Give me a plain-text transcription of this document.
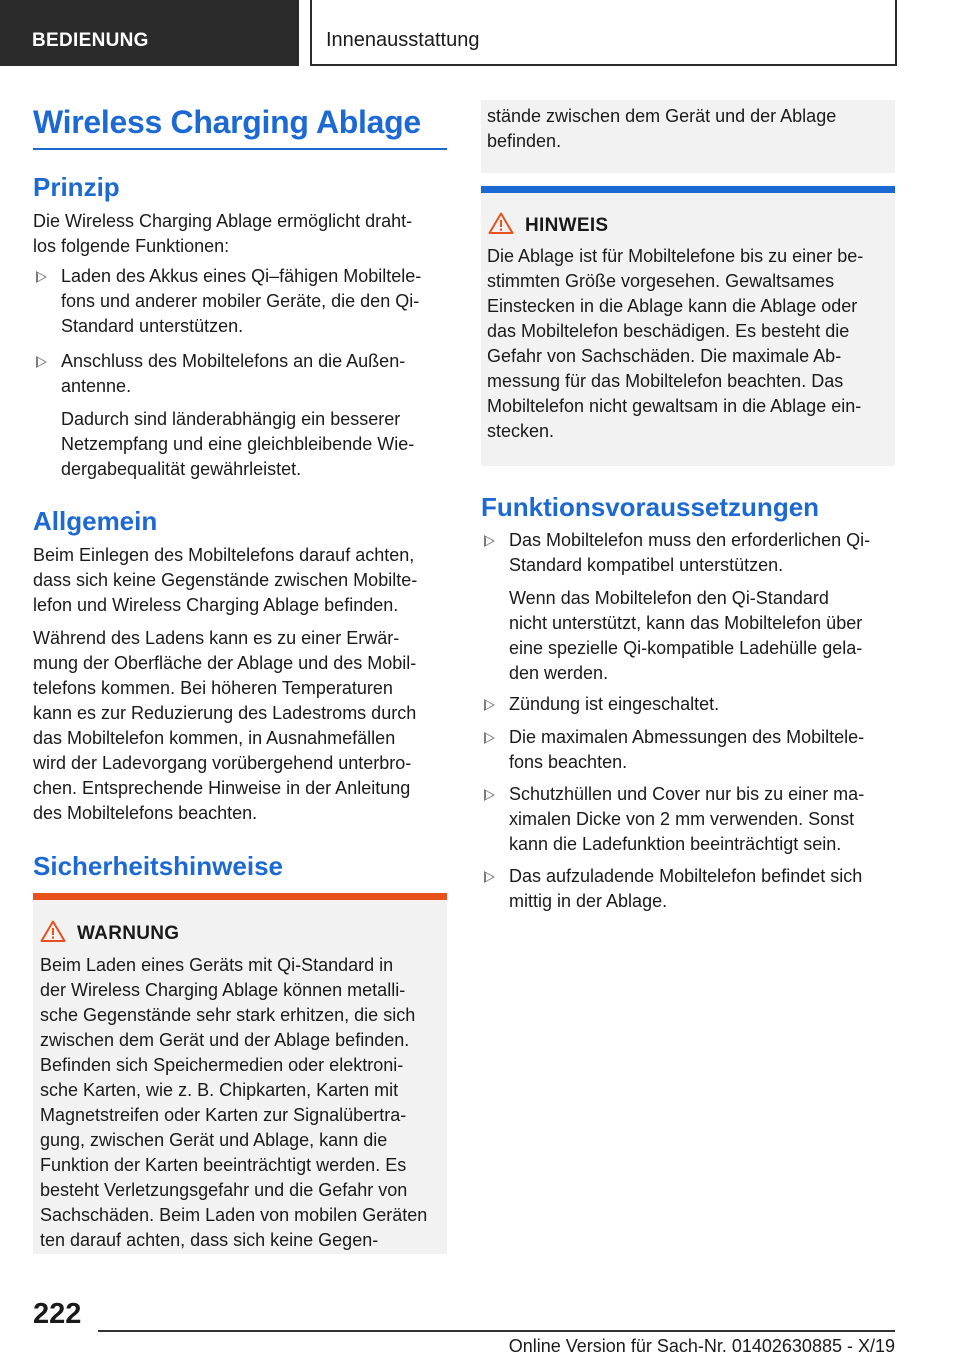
BEDIENUNG	Innenausstattung
Wireless Charging Ablage
Prinzip
Die Wireless Charging Ablage ermöglicht draht-
los folgende Funktionen:
Laden des Akkus eines Qi–fähigen Mobiltele-
fons und anderer mobiler Geräte, die den Qi-
Standard unterstützen.
Anschluss des Mobiltelefons an die Außen-
antenne.
Dadurch sind länderabhängig ein besserer
Netzempfang und eine gleichbleibende Wie-
dergabequalität gewährleistet.
Allgemein
Beim Einlegen des Mobiltelefons darauf achten,
dass sich keine Gegenstände zwischen Mobilte-
lefon und Wireless Charging Ablage befinden.
Während des Ladens kann es zu einer Erwär-
mung der Oberfläche der Ablage und des Mobil-
telefons kommen. Bei höheren Temperaturen
kann es zur Reduzierung des Ladestroms durch
das Mobiltelefon kommen, in Ausnahmefällen
wird der Ladevorgang vorübergehend unterbro-
chen. Entsprechende Hinweise in der Anleitung
des Mobiltelefons beachten.
Sicherheitshinweise
WARNUNG
Beim Laden eines Geräts mit Qi-Standard in
der Wireless Charging Ablage können metalli-
sche Gegenstände sehr stark erhitzen, die sich
zwischen dem Gerät und der Ablage befinden.
Befinden sich Speichermedien oder elektroni-
sche Karten, wie z. B. Chipkarten, Karten mit
Magnetstreifen oder Karten zur Signalübertra-
gung, zwischen Gerät und Ablage, kann die
Funktion der Karten beeinträchtigt werden. Es
besteht Verletzungsgefahr und die Gefahr von
Sachschäden. Beim Laden von mobilen Geräten
ten darauf achten, dass sich keine Gegen-
stände zwischen dem Gerät und der Ablage
befinden.
HINWEIS
Die Ablage ist für Mobiltelefone bis zu einer be-
stimmten Größe vorgesehen. Gewaltsames
Einstecken in die Ablage kann die Ablage oder
das Mobiltelefon beschädigen. Es besteht die
Gefahr von Sachschäden. Die maximale Ab-
messung für das Mobiltelefon beachten. Das
Mobiltelefon nicht gewaltsam in die Ablage ein-
stecken.
Funktionsvoraussetzungen
Das Mobiltelefon muss den erforderlichen Qi-
Standard kompatibel unterstützen.
Wenn das Mobiltelefon den Qi-Standard
nicht unterstützt, kann das Mobiltelefon über
eine spezielle Qi-kompatible Ladehülle gela-
den werden.
Zündung ist eingeschaltet.
Die maximalen Abmessungen des Mobiltele-
fons beachten.
Schutzhüllen und Cover nur bis zu einer ma-
ximalen Dicke von 2 mm verwenden. Sonst
kann die Ladefunktion beeinträchtigt sein.
Das aufzuladende Mobiltelefon befindet sich
mittig in der Ablage.
222
Online Version für Sach-Nr. 01402630885 - X/19
